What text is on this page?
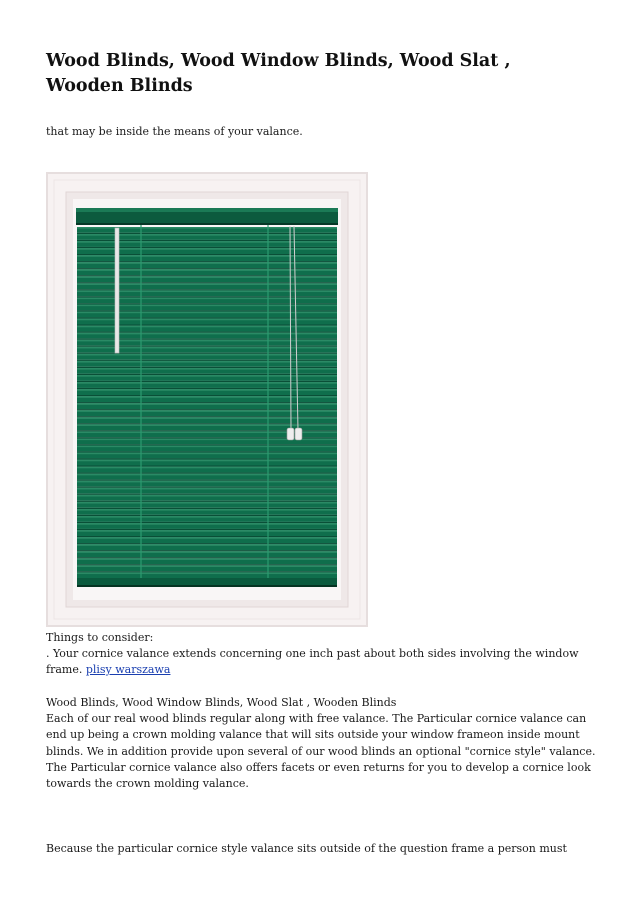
Wood Blinds, Wood Window Blinds, Wood Slat , Wooden Blinds

that may be inside the means of your valance.

Things to consider:

. Your cornice valance extends concerning one inch past about both sides involving the window frame. plisy warszawa

Wood Blinds, Wood Window Blinds, Wood Slat , Wooden Blinds

Each of our real wood blinds regular along with free valance. The Particular cornice valance can end up being a crown molding valance that will sits outside your window frameon inside mount blinds. We in addition provide upon several of our wood blinds an optional "cornice style" valance. The Particular cornice valance also offers facets or even returns for you to develop a cornice look towards the crown molding valance.

Because the particular cornice style valance sits outside of the question frame a person must
